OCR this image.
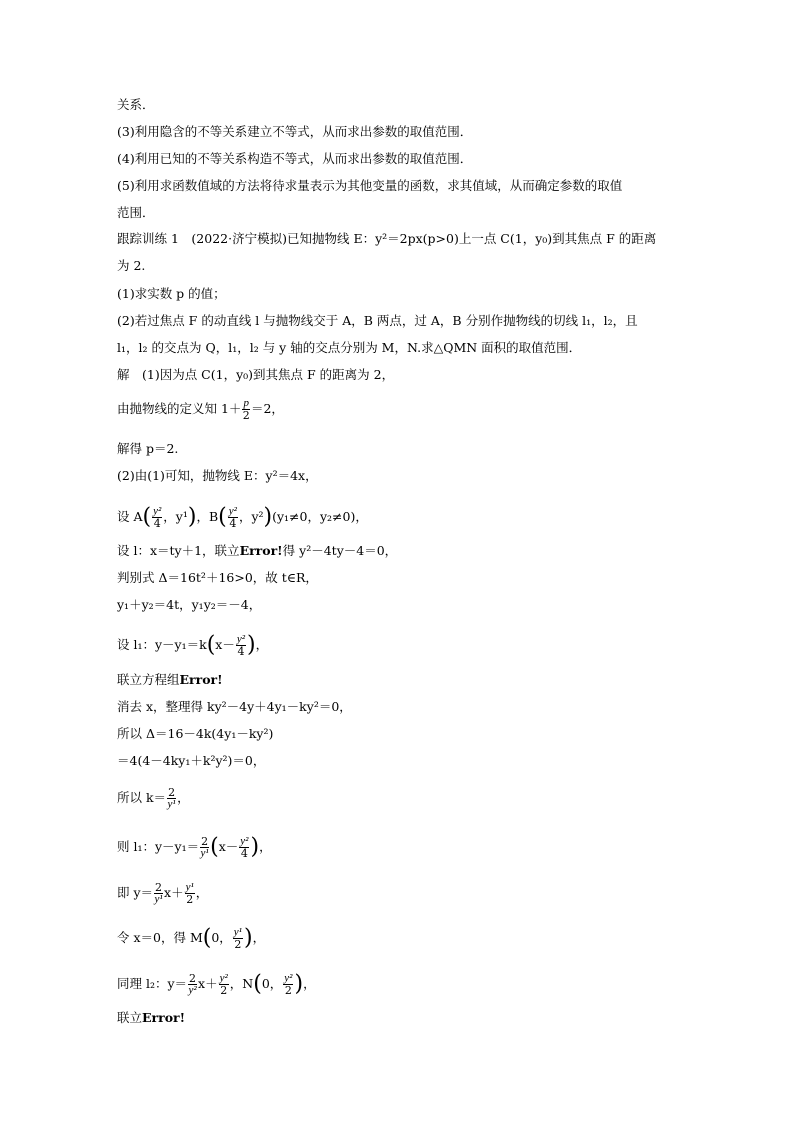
关系．
(3)利用隐含的不等关系建立不等式，从而求出参数的取值范围．
(4)利用已知的不等关系构造不等式，从而求出参数的取值范围．
(5)利用求函数值域的方法将待求量表示为其他变量的函数，求其值域，从而确定参数的取值
范围．
跟踪训练 1　(2022·济宁模拟)已知抛物线 E：y²＝2px(p>0)上一点 C(1，y₀)到其焦点 F 的距离
为 2.
(1)求实数 p 的值；
(2)若过焦点 F 的动直线 l 与抛物线交于 A，B 两点，过 A，B 分别作抛物线的切线 l₁，l₂，且
l₁，l₂ 的交点为 Q，l₁，l₂ 与 y 轴的交点分别为 M，N.求△QMN 面积的取值范围．
解　(1)因为点 C(1，y₀)到其焦点 F 的距离为 2，
由抛物线的定义知 $1+ \frac{p}{2} =2$，
解得 p＝2.
(2)由(1)可知，抛物线 E：y²＝4x，
设 $A( \frac{\text{y²}}{4}$ ，y¹)，$B( \frac{\text{y²}}{4}$ ，y²)(y₁≠0，y₂≠0)，
设 l：x＝ty＋1，联立Error!得 y²－4ty－4＝0，
判别式 Δ＝16t²＋16>0，故 t∈R，
y₁＋y₂＝4t，y₁y₂＝－4，
设 l₁：$y-y_1=k(x- \frac{\text{y²}}{4}$ )，
联立方程组Error!
消去 x，整理得 ky²－4y＋4y₁－ky²＝0，
所以 Δ＝16－4k(4y₁－ky²)
＝4(4－4ky₁＋k²y²)＝0，
所以 $k= \frac{2}{\text{y¹}}$ ，
则 l₁：$y-y_1= \frac{2}{\text{y¹}} (x- \frac{\text{y²}}{4}$ )，
即 $y= \frac{2}{\text{y¹}} x+ \frac{\text{y¹}}{2}$ ，
令 x＝0，得 M(0， $\frac{\text{y¹}}{2}$ )，
同理 l₂：$y= \frac{2}{\text{y²}} x+ \frac{\text{y²}}{2}$ ，N(0， $\frac{\text{y²}}{2}$ )，
联立Error!
